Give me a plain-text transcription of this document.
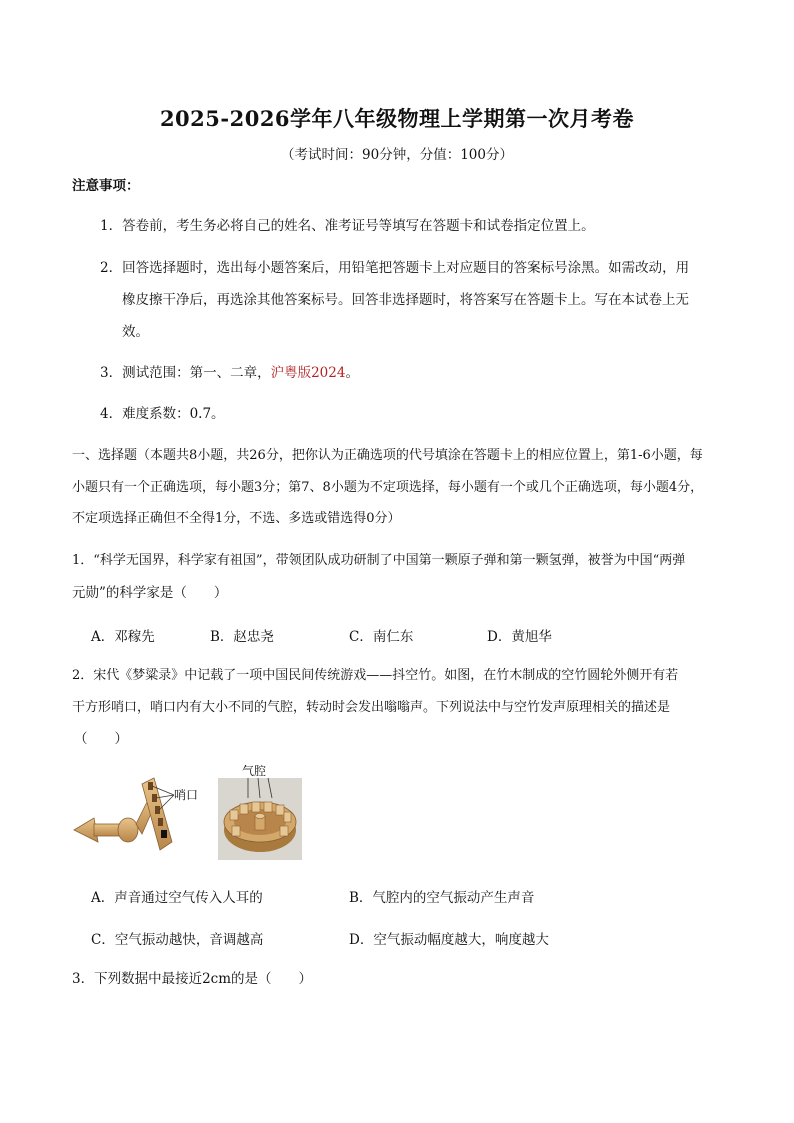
2025-2026学年八年级物理上学期第一次月考卷
（考试时间：90分钟，分值：100分）
注意事项：
1．答卷前，考生务必将自己的姓名、准考证号等填写在答题卡和试卷指定位置上。
2．回答选择题时，选出每小题答案后，用铅笔把答题卡上对应题目的答案标号涂黑。如需改动，用
橡皮擦干净后，再选涂其他答案标号。回答非选择题时，将答案写在答题卡上。写在本试卷上无
效。
3．测试范围：第一、二章，沪粤版2024。
4．难度系数：0.7。
一、选择题（本题共8小题，共26分，把你认为正确选项的代号填涂在答题卡上的相应位置上，第1-6小题，每
小题只有一个正确选项，每小题3分；第7、8小题为不定项选择，每小题有一个或几个正确选项，每小题4分，
不定项选择正确但不全得1分，不选、多选或错选得0分）
1．“科学无国界，科学家有祖国”，带领团队成功研制了中国第一颗原子弹和第一颗氢弹，被誉为中国“两弹
元勋”的科学家是（　　）
A．邓稼先	B．赵忠尧	C．南仁东	D．黄旭华
2．宋代《梦粱录》中记载了一项中国民间传统游戏——抖空竹。如图，在竹木制成的空竹圆轮外侧开有若
干方形哨口，哨口内有大小不同的气腔，转动时会发出嗡嗡声。下列说法中与空竹发声原理相关的描述是
（　　）
哨口
气腔
A．声音通过空气传入人耳的	B．气腔内的空气振动产生声音
C．空气振动越快，音调越高	D．空气振动幅度越大，响度越大
3．下列数据中最接近2cm的是（　　）
